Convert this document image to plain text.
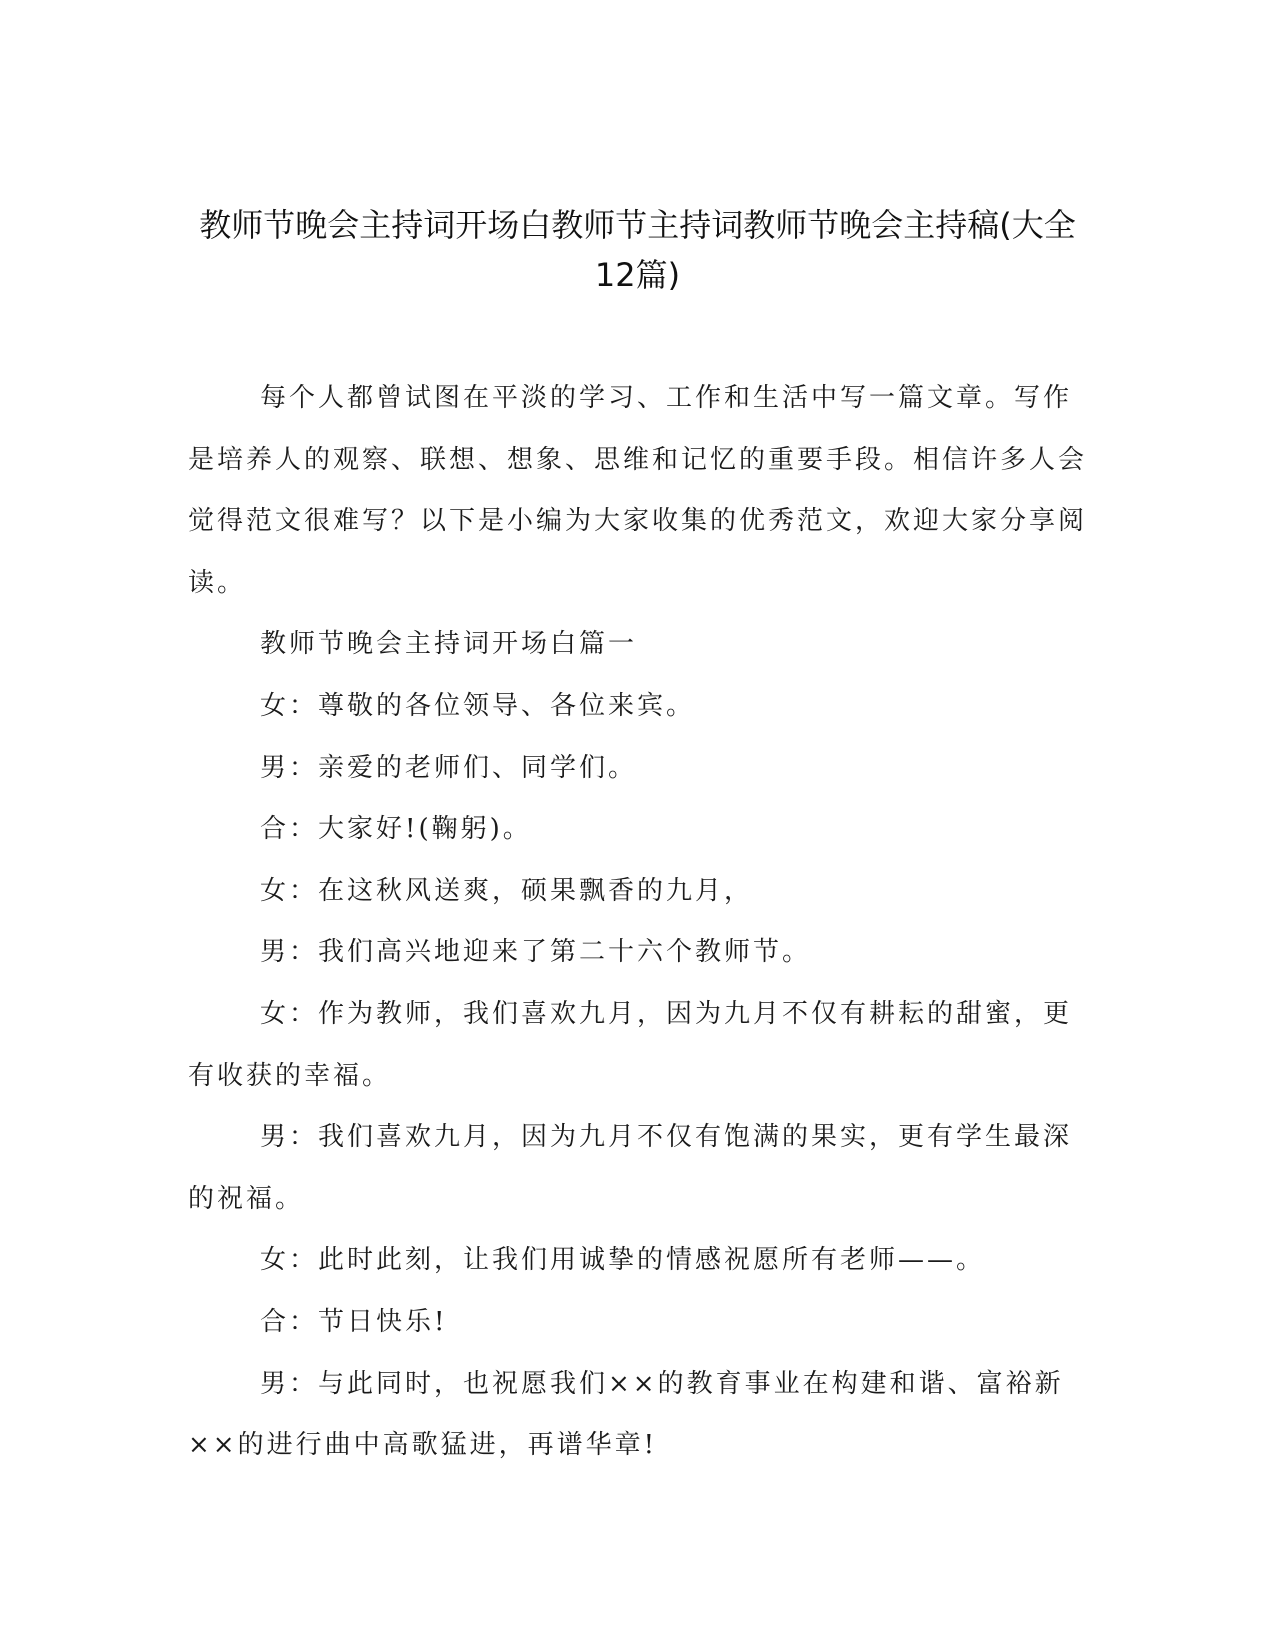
教师节晚会主持词开场白教师节主持词教师节晚会主持稿(大全12篇)

每个人都曾试图在平淡的学习、工作和生活中写一篇文章。写作是培养人的观察、联想、想象、思维和记忆的重要手段。相信许多人会觉得范文很难写？以下是小编为大家收集的优秀范文，欢迎大家分享阅读。

教师节晚会主持词开场白篇一

女：尊敬的各位领导、各位来宾。

男：亲爱的老师们、同学们。

合：大家好!(鞠躬)。

女：在这秋风送爽，硕果飘香的九月，

男：我们高兴地迎来了第二十六个教师节。

女：作为教师，我们喜欢九月，因为九月不仅有耕耘的甜蜜，更有收获的幸福。

男：我们喜欢九月，因为九月不仅有饱满的果实，更有学生最深的祝福。

女：此时此刻，让我们用诚挚的情感祝愿所有老师——。

合：节日快乐!

男：与此同时，也祝愿我们××的教育事业在构建和谐、富裕新××的进行曲中高歌猛进，再谱华章!
